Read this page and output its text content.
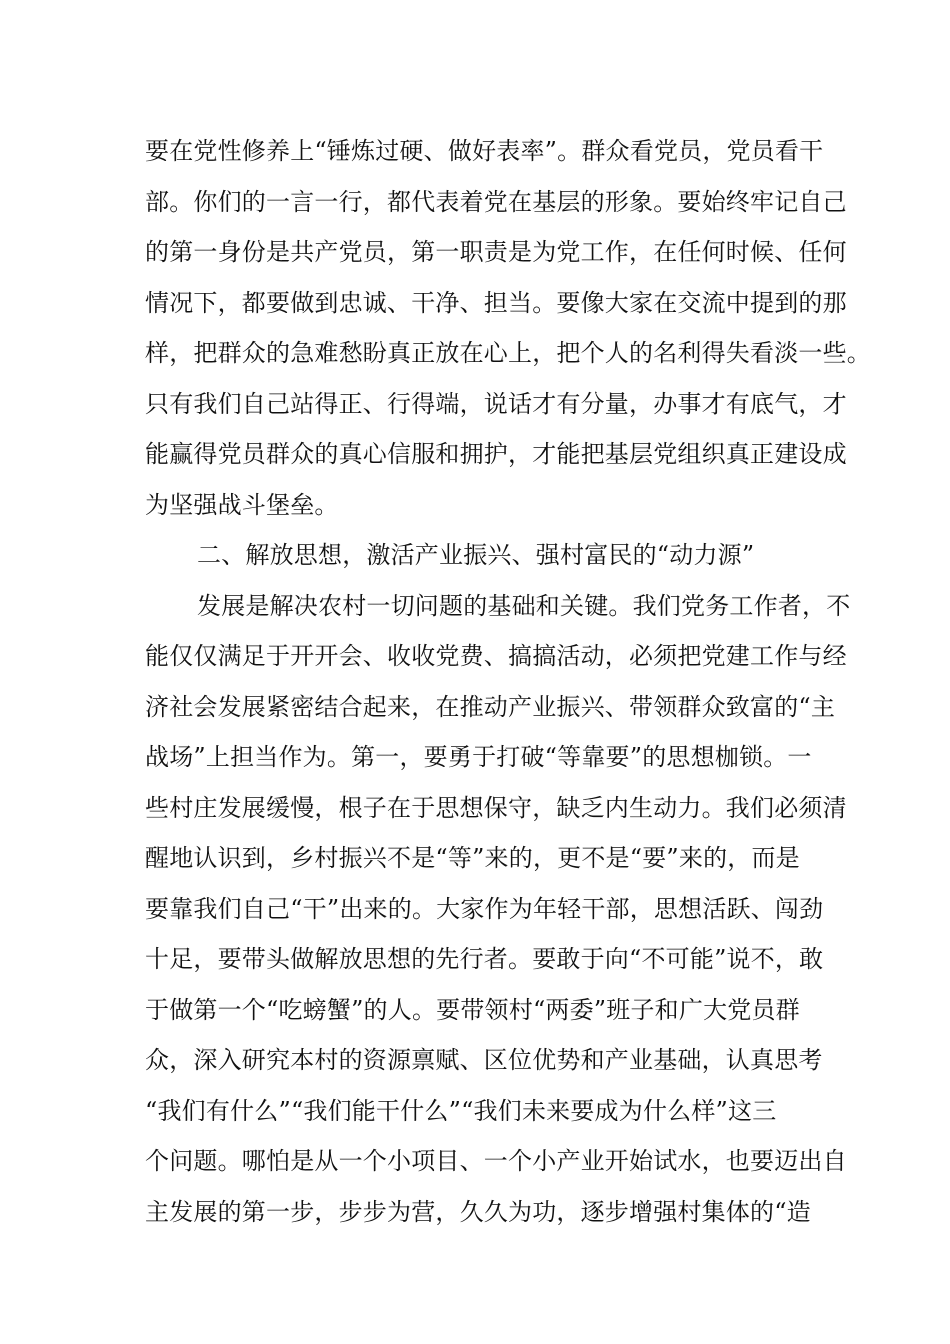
要在党性修养上“锤炼过硬、做好表率”。群众看党员，党员看干
部。你们的一言一行，都代表着党在基层的形象。要始终牢记自己
的第一身份是共产党员，第一职责是为党工作，在任何时候、任何
情况下，都要做到忠诚、干净、担当。要像大家在交流中提到的那
样，把群众的急难愁盼真正放在心上，把个人的名利得失看淡一些。
只有我们自己站得正、行得端，说话才有分量，办事才有底气，才
能赢得党员群众的真心信服和拥护，才能把基层党组织真正建设成
为坚强战斗堡垒。
二、解放思想，激活产业振兴、强村富民的“动力源”
发展是解决农村一切问题的基础和关键。我们党务工作者，不
能仅仅满足于开开会、收收党费、搞搞活动，必须把党建工作与经
济社会发展紧密结合起来，在推动产业振兴、带领群众致富的“主
战场”上担当作为。第一，要勇于打破“等靠要”的思想枷锁。一
些村庄发展缓慢，根子在于思想保守，缺乏内生动力。我们必须清
醒地认识到，乡村振兴不是“等”来的，更不是“要”来的，而是
要靠我们自己“干”出来的。大家作为年轻干部，思想活跃、闯劲
十足，要带头做解放思想的先行者。要敢于向“不可能”说不，敢
于做第一个“吃螃蟹”的人。要带领村“两委”班子和广大党员群
众，深入研究本村的资源禀赋、区位优势和产业基础，认真思考
“我们有什么”“我们能干什么”“我们未来要成为什么样”这三
个问题。哪怕是从一个小项目、一个小产业开始试水，也要迈出自
主发展的第一步，步步为营，久久为功，逐步增强村集体的“造
